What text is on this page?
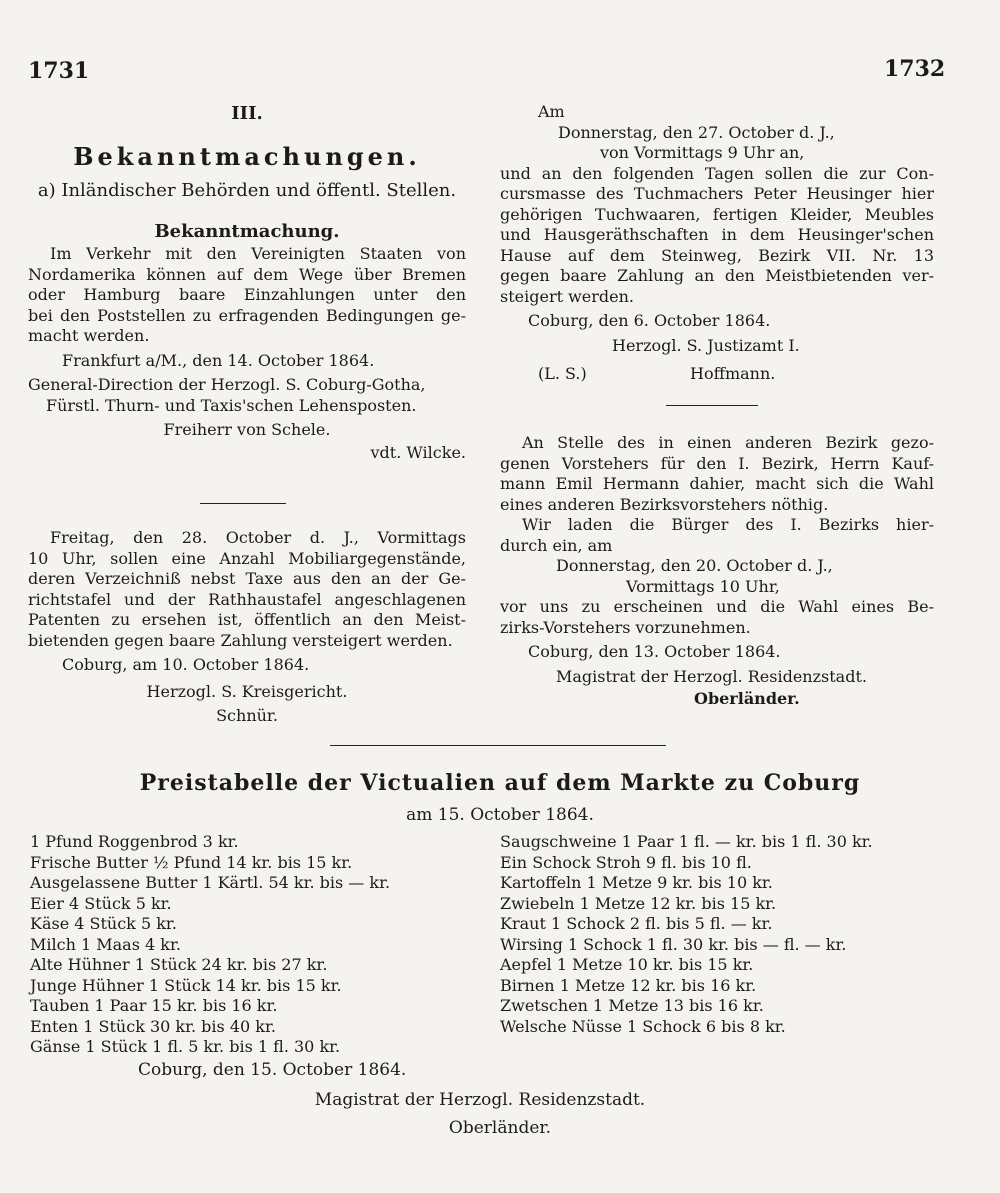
1731	1732
III.
Bekanntmachungen.
a) Inländischer Behörden und öffentl. Stellen.
Bekanntmachung.
Im Verkehr mit den Vereinigten Staaten von
Nordamerika können auf dem Wege über Bremen
oder Hamburg baare Einzahlungen unter den
bei den Poststellen zu erfragenden Bedingungen ge-
macht werden.
Frankfurt a/M., den 14. October 1864.
General-Direction der Herzogl. S. Coburg-Gotha,
Fürstl. Thurn- und Taxis'schen Lehensposten.
Freiherr von Schele.
vdt. Wilcke.
Freitag, den 28. October d. J., Vormittags
10 Uhr, sollen eine Anzahl Mobiliargegenstände,
deren Verzeichniß nebst Taxe aus den an der Ge-
richtstafel und der Rathhaustafel angeschlagenen
Patenten zu ersehen ist, öffentlich an den Meist-
bietenden gegen baare Zahlung versteigert werden.
Coburg, am 10. October 1864.
Herzogl. S. Kreisgericht.
Schnür.
Am
Donnerstag, den 27. October d. J.,
von Vormittags 9 Uhr an,
und an den folgenden Tagen sollen die zur Con-
cursmasse des Tuchmachers Peter Heusinger hier
gehörigen Tuchwaaren, fertigen Kleider, Meubles
und Hausgeräthschaften in dem Heusinger'schen
Hause auf dem Steinweg, Bezirk VII. Nr. 13
gegen baare Zahlung an den Meistbietenden ver-
steigert werden.
Coburg, den 6. October 1864.
Herzogl. S. Justizamt I.
(L. S.)	Hoffmann.
An Stelle des in einen anderen Bezirk gezo-
genen Vorstehers für den I. Bezirk, Herrn Kauf-
mann Emil Hermann dahier, macht sich die Wahl
eines anderen Bezirksvorstehers nöthig.
Wir laden die Bürger des I. Bezirks hier-
durch ein, am
Donnerstag, den 20. October d. J.,
Vormittags 10 Uhr,
vor uns zu erscheinen und die Wahl eines Be-
zirks-Vorstehers vorzunehmen.
Coburg, den 13. October 1864.
Magistrat der Herzogl. Residenzstadt.
Oberländer.
Preistabelle der Victualien auf dem Markte zu Coburg
am 15. October 1864.
1 Pfund Roggenbrod 3 kr.
Frische Butter ½ Pfund 14 kr. bis 15 kr.
Ausgelassene Butter 1 Kärtl. 54 kr. bis — kr.
Eier 4 Stück 5 kr.
Käse 4 Stück 5 kr.
Milch 1 Maas 4 kr.
Alte Hühner 1 Stück 24 kr. bis 27 kr.
Junge Hühner 1 Stück 14 kr. bis 15 kr.
Tauben 1 Paar 15 kr. bis 16 kr.
Enten 1 Stück 30 kr. bis 40 kr.
Gänse 1 Stück 1 fl. 5 kr. bis 1 fl. 30 kr.
Saugschweine 1 Paar 1 fl. — kr. bis 1 fl. 30 kr.
Ein Schock Stroh 9 fl. bis 10 fl.
Kartoffeln 1 Metze 9 kr. bis 10 kr.
Zwiebeln 1 Metze 12 kr. bis 15 kr.
Kraut 1 Schock 2 fl. bis 5 fl. — kr.
Wirsing 1 Schock 1 fl. 30 kr. bis — fl. — kr.
Aepfel 1 Metze 10 kr. bis 15 kr.
Birnen 1 Metze 12 kr. bis 16 kr.
Zwetschen 1 Metze 13 bis 16 kr.
Welsche Nüsse 1 Schock 6 bis 8 kr.
Coburg, den 15. October 1864.
Magistrat der Herzogl. Residenzstadt.
Oberländer.
